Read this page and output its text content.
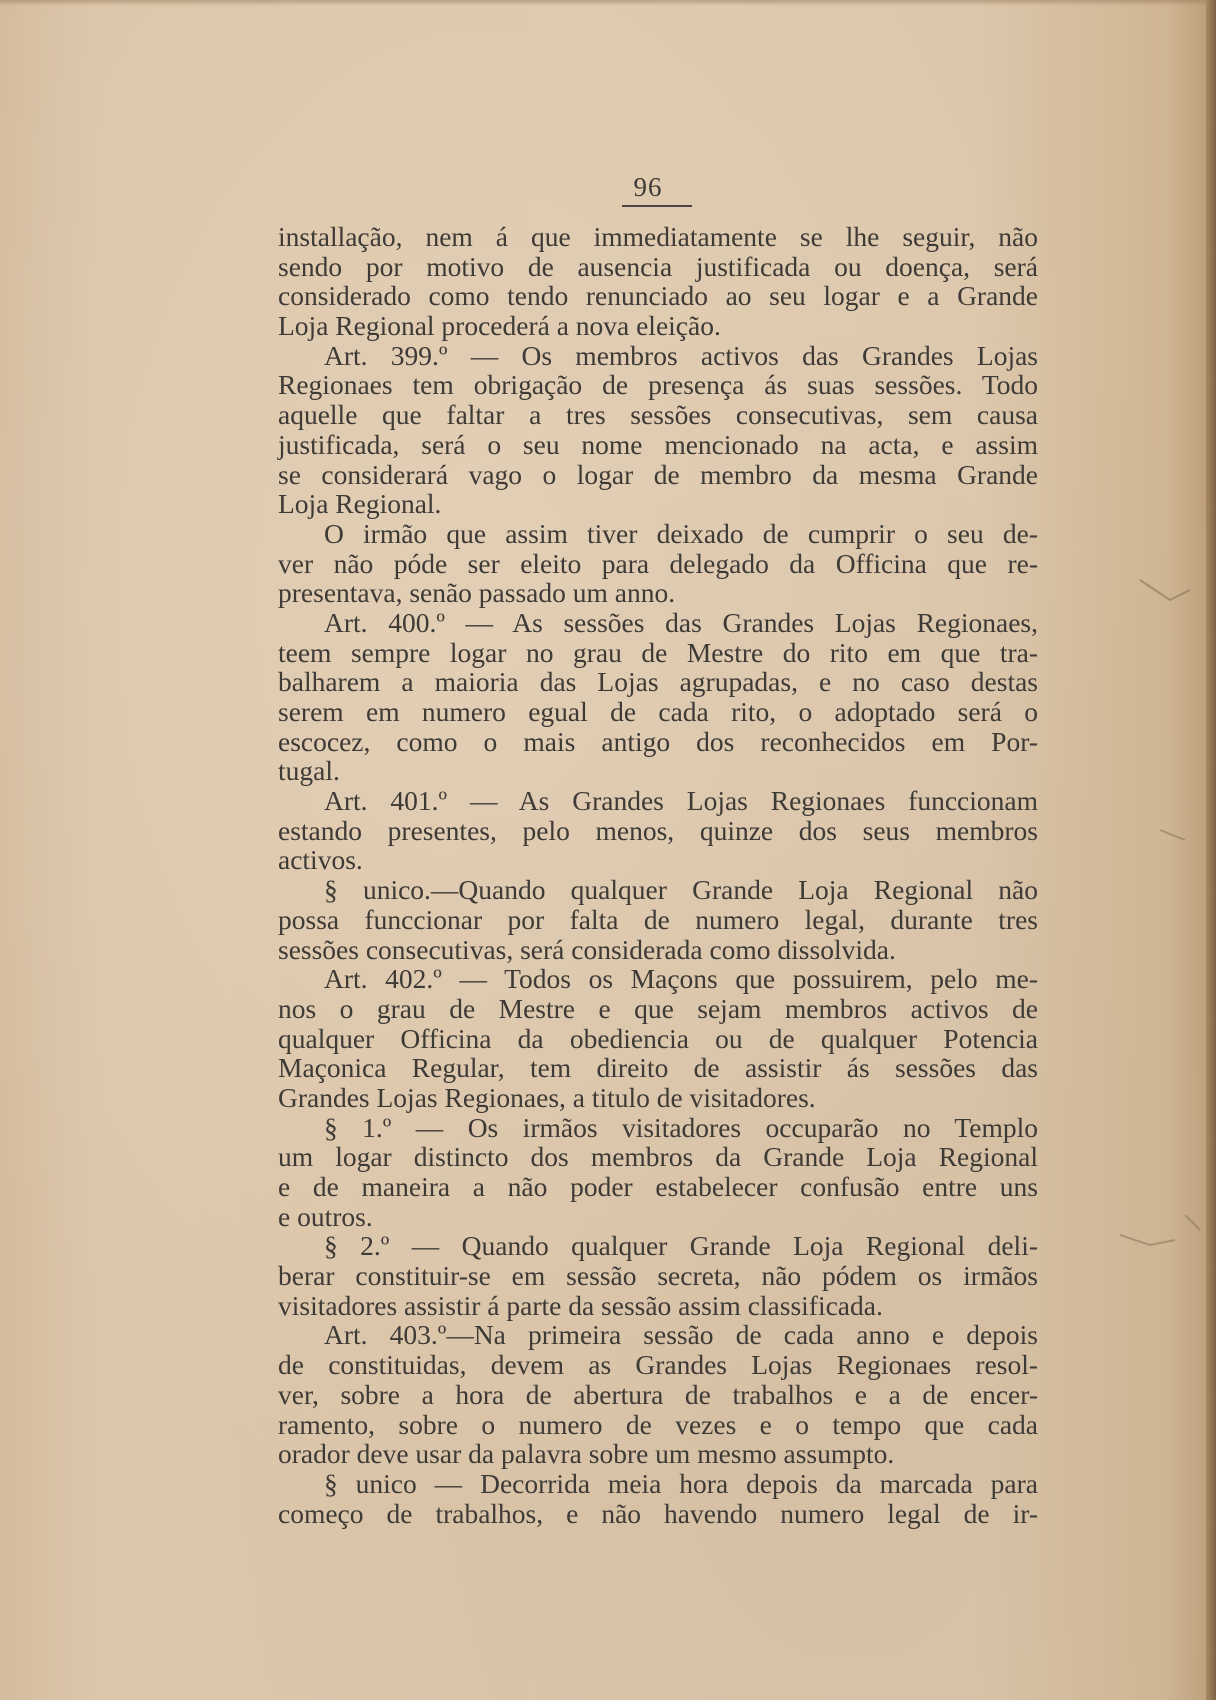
96
installação, nem á que immediatamente se lhe seguir, não
sendo por motivo de ausencia justificada ou doença, será
considerado como tendo renunciado ao seu logar e a Grande
Loja Regional procederá a nova eleição.
Art. 399.º — Os membros activos das Grandes Lojas
Regionaes tem obrigação de presença ás suas sessões. Todo
aquelle que faltar a tres sessões consecutivas, sem causa
justificada, será o seu nome mencionado na acta, e assim
se considerará vago o logar de membro da mesma Grande
Loja Regional.
O irmão que assim tiver deixado de cumprir o seu de-
ver não póde ser eleito para delegado da Officina que re-
presentava, senão passado um anno.
Art. 400.º — As sessões das Grandes Lojas Regionaes,
teem sempre logar no grau de Mestre do rito em que tra-
balharem a maioria das Lojas agrupadas, e no caso destas
serem em numero egual de cada rito, o adoptado será o
escocez, como o mais antigo dos reconhecidos em Por-
tugal.
Art. 401.º — As Grandes Lojas Regionaes funccionam
estando presentes, pelo menos, quinze dos seus membros
activos.
§ unico.—Quando qualquer Grande Loja Regional não
possa funccionar por falta de numero legal, durante tres
sessões consecutivas, será considerada como dissolvida.
Art. 402.º — Todos os Maçons que possuirem, pelo me-
nos o grau de Mestre e que sejam membros activos de
qualquer Officina da obediencia ou de qualquer Potencia
Maçonica Regular, tem direito de assistir ás sessões das
Grandes Lojas Regionaes, a titulo de visitadores.
§ 1.º — Os irmãos visitadores occuparão no Templo
um logar distincto dos membros da Grande Loja Regional
e de maneira a não poder estabelecer confusão entre uns
e outros.
§ 2.º — Quando qualquer Grande Loja Regional deli-
berar constituir-se em sessão secreta, não pódem os irmãos
visitadores assistir á parte da sessão assim classificada.
Art. 403.º—Na primeira sessão de cada anno e depois
de constituidas, devem as Grandes Lojas Regionaes resol-
ver, sobre a hora de abertura de trabalhos e a de encer-
ramento, sobre o numero de vezes e o tempo que cada
orador deve usar da palavra sobre um mesmo assumpto.
§ unico — Decorrida meia hora depois da marcada para
começo de trabalhos, e não havendo numero legal de ir-
